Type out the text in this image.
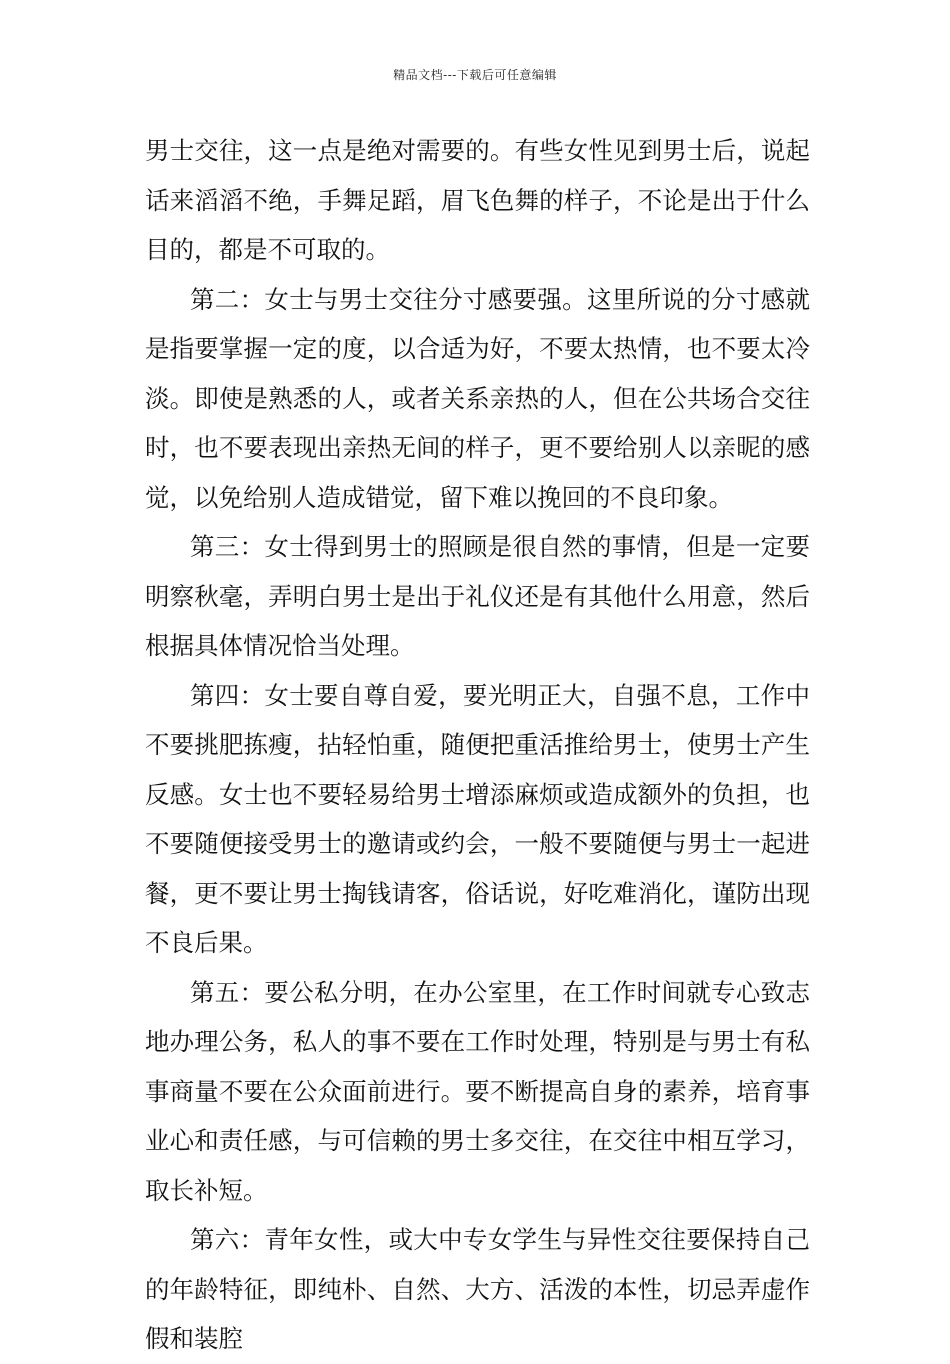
精品文档---下载后可任意编辑

男士交往，这一点是绝对需要的。有些女性见到男士后，说起话来滔滔不绝，手舞足蹈，眉飞色舞的样子，不论是出于什么目的，都是不可取的。

第二：女士与男士交往分寸感要强。这里所说的分寸感就是指要掌握一定的度，以合适为好，不要太热情，也不要太冷淡。即使是熟悉的人，或者关系亲热的人，但在公共场合交往时，也不要表现出亲热无间的样子，更不要给别人以亲昵的感觉，以免给别人造成错觉，留下难以挽回的不良印象。

第三：女士得到男士的照顾是很自然的事情，但是一定要明察秋毫，弄明白男士是出于礼仪还是有其他什么用意，然后根据具体情况恰当处理。

第四：女士要自尊自爱，要光明正大，自强不息，工作中不要挑肥拣瘦，拈轻怕重，随便把重活推给男士，使男士产生反感。女士也不要轻易给男士增添麻烦或造成额外的负担，也不要随便接受男士的邀请或约会，一般不要随便与男士一起进餐，更不要让男士掏钱请客，俗话说，好吃难消化，谨防出现不良后果。

第五：要公私分明，在办公室里，在工作时间就专心致志地办理公务，私人的事不要在工作时处理，特别是与男士有私事商量不要在公众面前进行。要不断提高自身的素养，培育事业心和责任感，与可信赖的男士多交往，在交往中相互学习，取长补短。

第六：青年女性，或大中专女学生与异性交往要保持自己的年龄特征，即纯朴、自然、大方、活泼的本性，切忌弄虚作假和装腔
